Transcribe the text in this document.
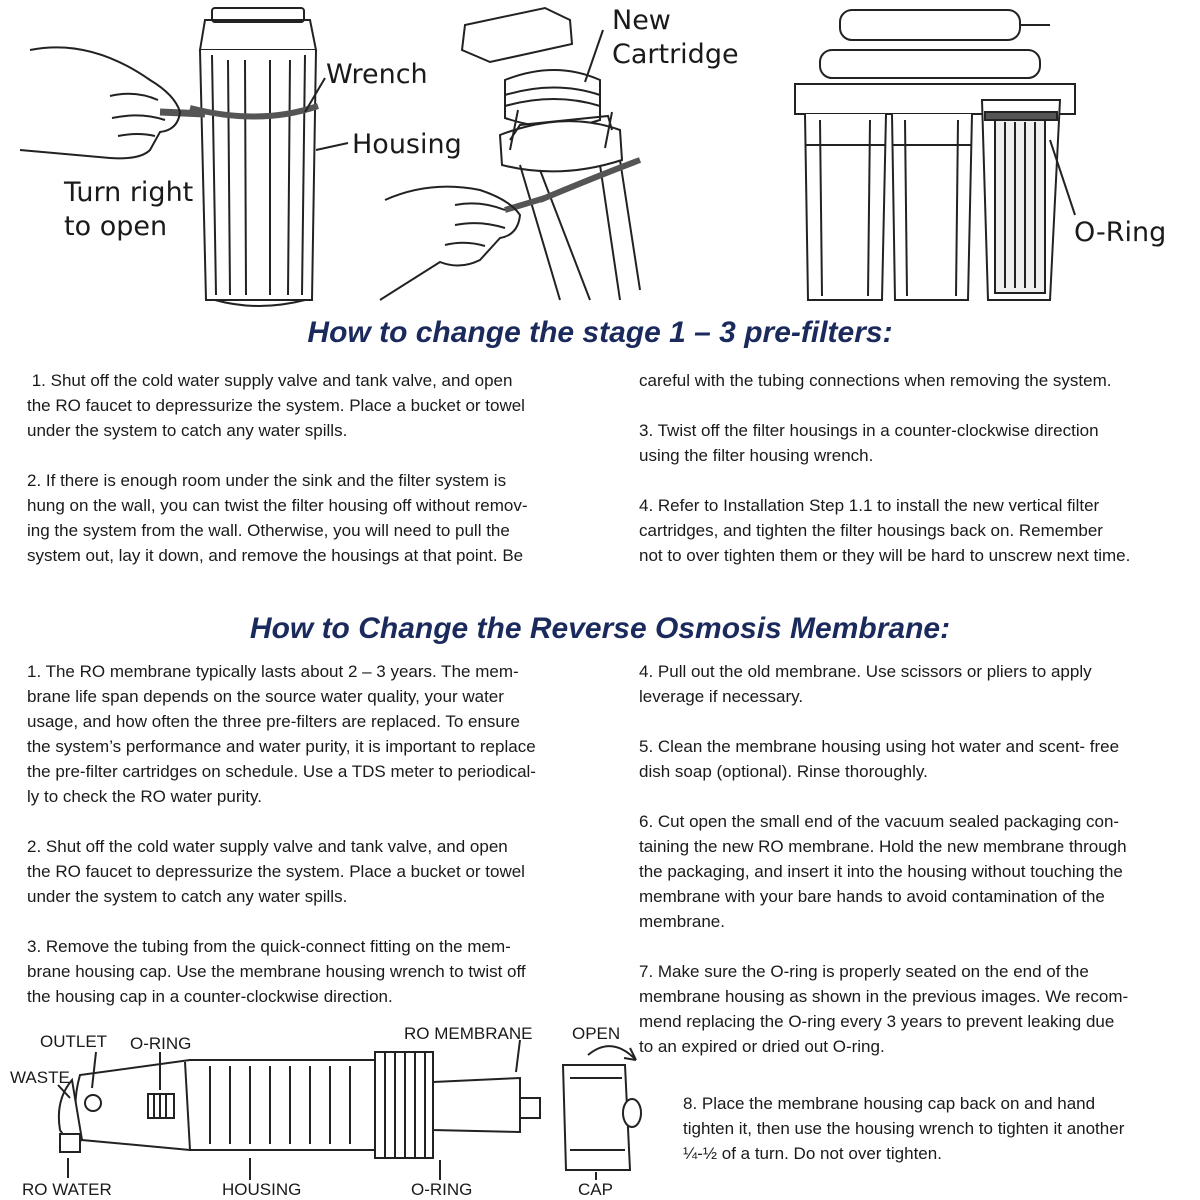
Wrench
Housing
Turn right
to open
New
Cartridge
O-Ring
How to change the stage 1 – 3 pre-filters:
1. Shut off the cold water supply valve and tank valve, and open
the RO faucet to depressurize the system. Place a bucket or towel
under the system to catch any water spills.
2. If there is enough room under the sink and the filter system is
hung on the wall, you can twist the filter housing off without remov-
ing the system from the wall. Otherwise, you will need to pull the
system out, lay it down, and remove the housings at that point. Be
careful with the tubing connections when removing the system.
3. Twist off the filter housings in a counter-clockwise direction
using the filter housing wrench.
4. Refer to Installation Step 1.1 to install the new vertical filter
cartridges, and tighten the filter housings back on. Remember
not to over tighten them or they will be hard to unscrew next time.
How to Change the Reverse Osmosis Membrane:
1. The RO membrane typically lasts about 2 – 3 years. The mem-
brane life span depends on the source water quality, your water
usage, and how often the three pre-filters are replaced. To ensure
the system’s performance and water purity, it is important to replace
the pre-filter cartridges on schedule. Use a TDS meter to periodical-
ly to check the RO water purity.
2. Shut off the cold water supply valve and tank valve, and open
the RO faucet to depressurize the system. Place a bucket or towel
under the system to catch any water spills.
3. Remove the tubing from the quick-connect fitting on the mem-
brane housing cap. Use the membrane housing wrench to twist off
the housing cap in a counter-clockwise direction.
4. Pull out the old membrane. Use scissors or pliers to apply
leverage if necessary.
5. Clean the membrane housing using hot water and scent- free
dish soap (optional). Rinse thoroughly.
6. Cut open the small end of the vacuum sealed packaging con-
taining the new RO membrane. Hold the new membrane through
the packaging, and insert it into the housing without touching the
membrane with your bare hands to avoid contamination of the
membrane.
7. Make sure the O-ring is properly seated on the end of the
membrane housing as shown in the previous images. We recom-
mend replacing the O-ring every 3 years to prevent leaking due
to an expired or dried out O-ring.
8. Place the membrane housing cap back on and hand
tighten it, then use the housing wrench to tighten it another
¼-½ of a turn. Do not over tighten.
OUTLET O-RING
WASTE
RO MEMBRANE OPEN
RO WATER	HOUSING	O-RING	CAP
